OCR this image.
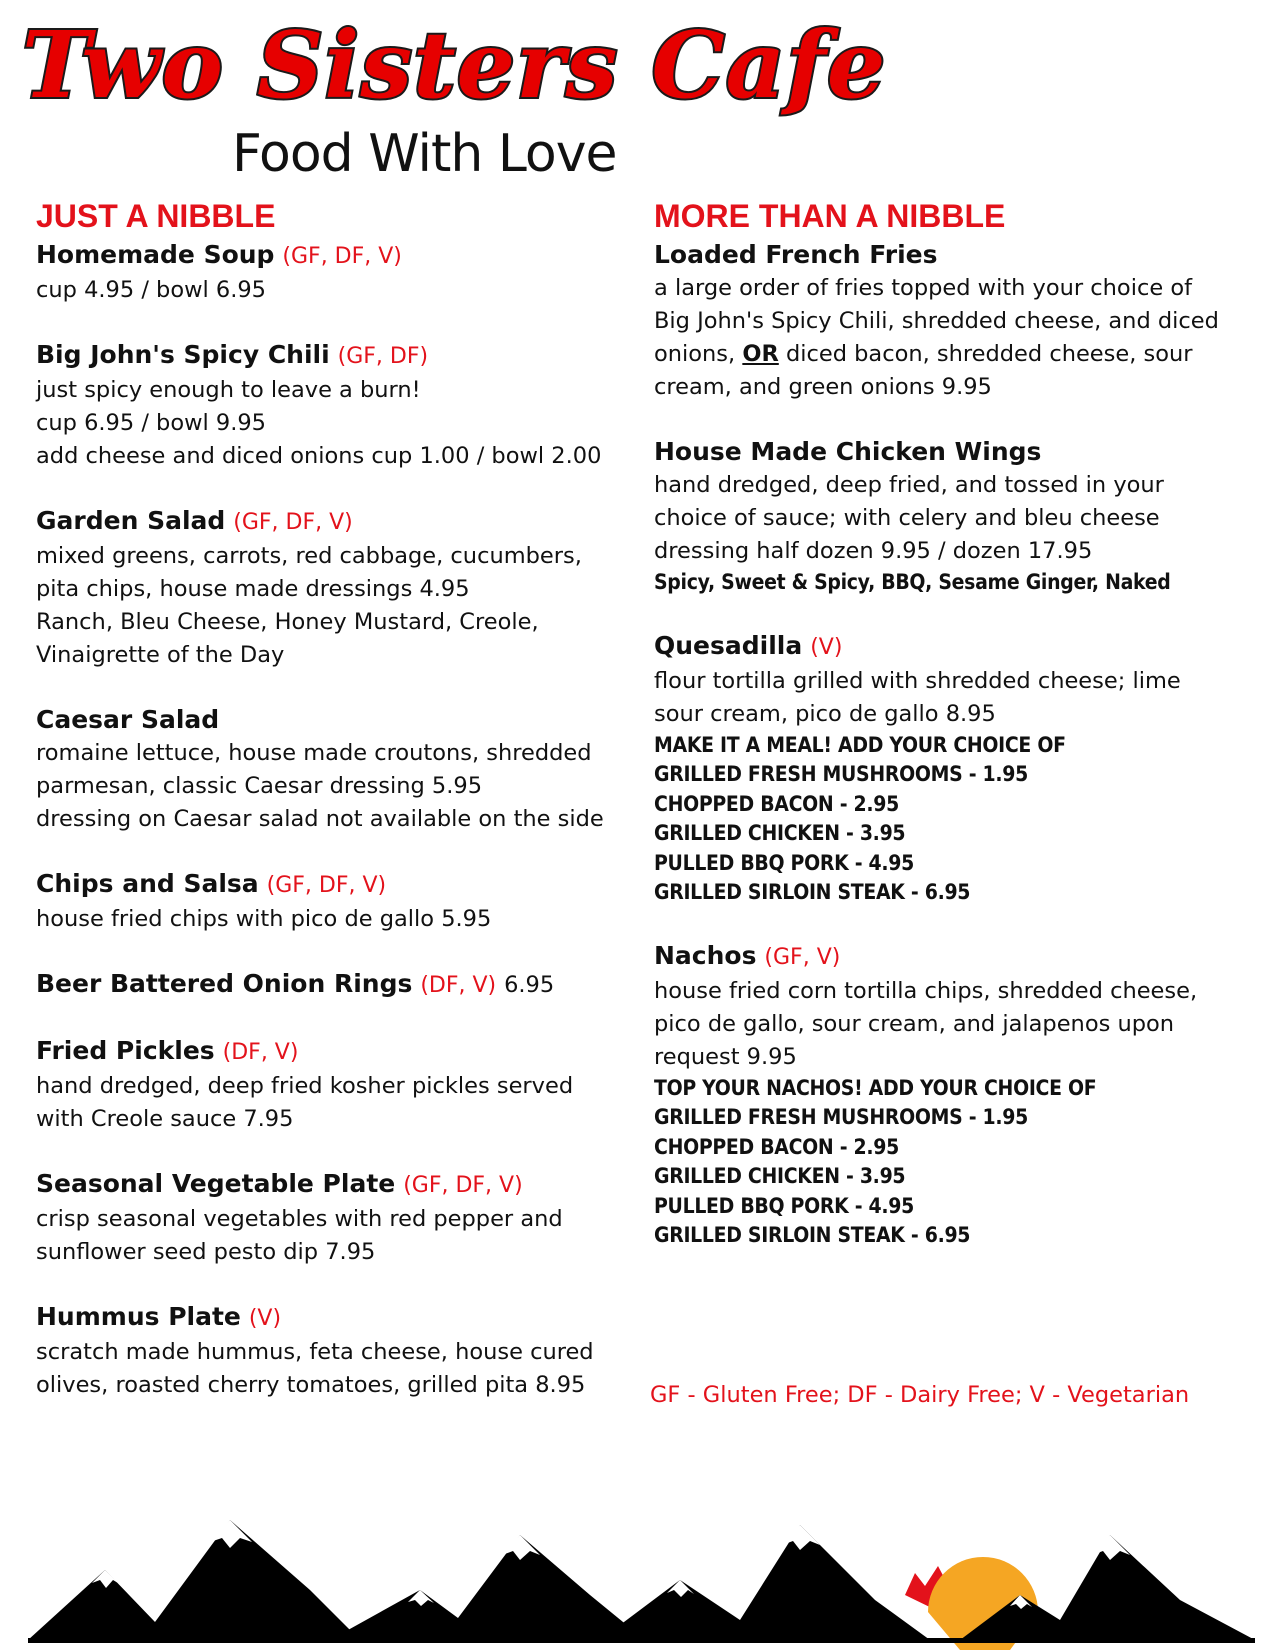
Two Sisters Cafe
Food With Love
JUST A NIBBLE
Homemade Soup (GF, DF, V)
cup 4.95 / bowl 6.95
Big John's Spicy Chili (GF, DF)
just spicy enough to leave a burn!
cup 6.95 / bowl 9.95
add cheese and diced onions cup 1.00 / bowl 2.00
Garden Salad (GF, DF, V)
mixed greens, carrots, red cabbage, cucumbers,
pita chips, house made dressings 4.95
Ranch, Bleu Cheese, Honey Mustard, Creole,
Vinaigrette of the Day
Caesar Salad
romaine lettuce, house made croutons, shredded
parmesan, classic Caesar dressing 5.95
dressing on Caesar salad not available on the side
Chips and Salsa (GF, DF, V)
house fried chips with pico de gallo 5.95
Beer Battered Onion Rings (DF, V) 6.95
Fried Pickles (DF, V)
hand dredged, deep fried kosher pickles served
with Creole sauce 7.95
Seasonal Vegetable Plate (GF, DF, V)
crisp seasonal vegetables with red pepper and
sunflower seed pesto dip 7.95
Hummus Plate (V)
scratch made hummus, feta cheese, house cured
olives, roasted cherry tomatoes, grilled pita 8.95
MORE THAN A NIBBLE
Loaded French Fries
a large order of fries topped with your choice of
Big John's Spicy Chili, shredded cheese, and diced
onions, OR diced bacon, shredded cheese, sour
cream, and green onions 9.95
House Made Chicken Wings
hand dredged, deep fried, and tossed in your
choice of sauce; with celery and bleu cheese
dressing half dozen 9.95 / dozen 17.95
Spicy, Sweet & Spicy, BBQ, Sesame Ginger, Naked
Quesadilla (V)
flour tortilla grilled with shredded cheese; lime
sour cream, pico de gallo 8.95
MAKE IT A MEAL! ADD YOUR CHOICE OF
GRILLED FRESH MUSHROOMS - 1.95
CHOPPED BACON - 2.95
GRILLED CHICKEN - 3.95
PULLED BBQ PORK - 4.95
GRILLED SIRLOIN STEAK - 6.95
Nachos (GF, V)
house fried corn tortilla chips, shredded cheese,
pico de gallo, sour cream, and jalapenos upon
request 9.95
TOP YOUR NACHOS! ADD YOUR CHOICE OF
GRILLED FRESH MUSHROOMS - 1.95
CHOPPED BACON - 2.95
GRILLED CHICKEN - 3.95
PULLED BBQ PORK - 4.95
GRILLED SIRLOIN STEAK - 6.95
GF - Gluten Free; DF - Dairy Free; V - Vegetarian
